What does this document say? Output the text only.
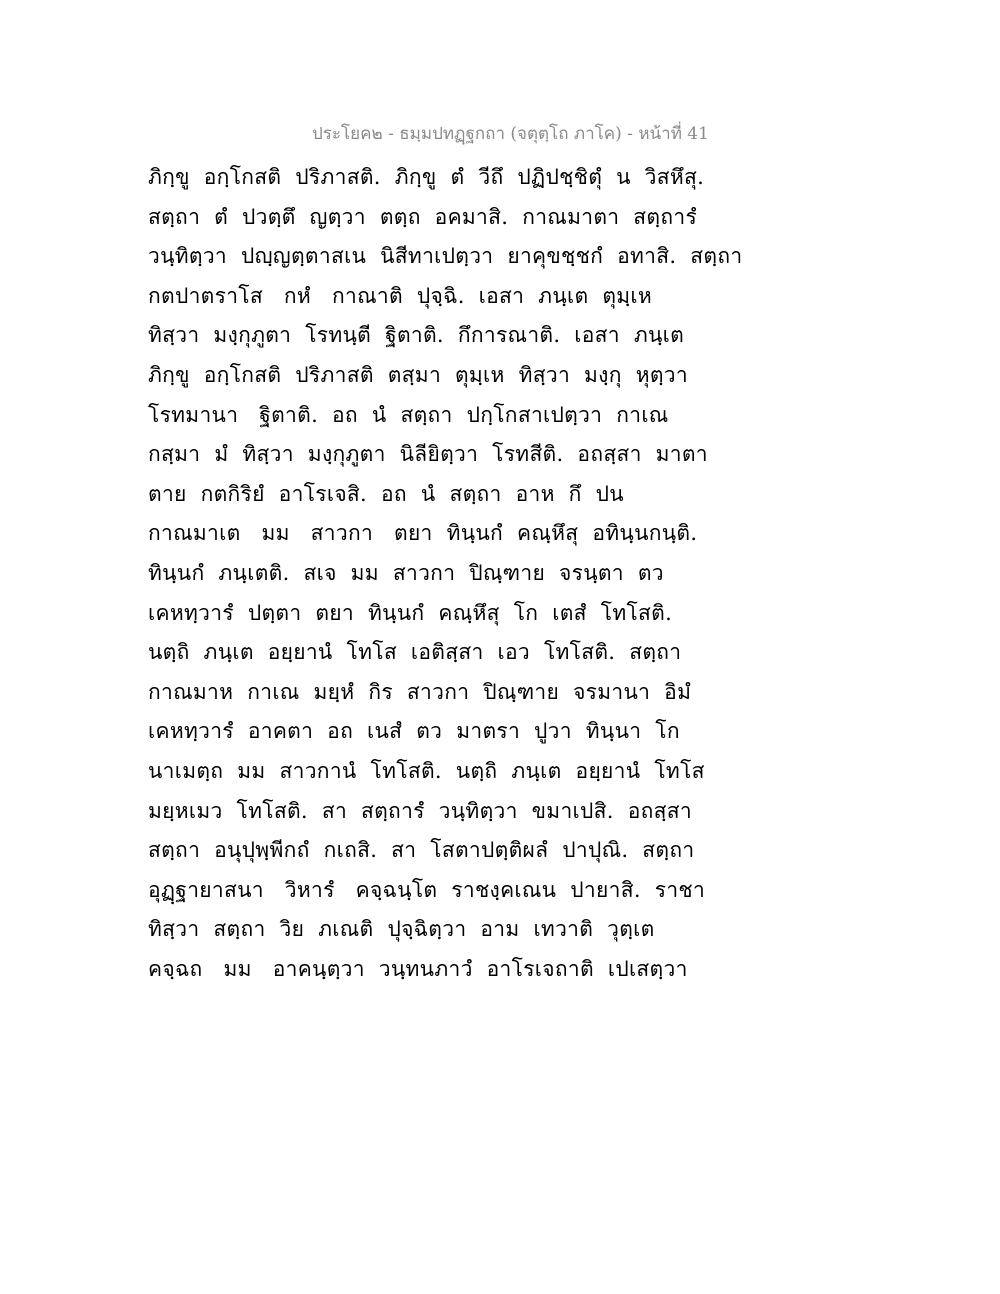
ประโยค๒ - ธมฺมปทฏฺฐกถา (จตุตฺโถ ภาโค) - หน้าที่ 41
ภิกฺขู  อกฺโกสติ  ปริภาสติ.  ภิกฺขู  ตํ  วีถึ  ปฏิปชฺชิตุํ  น  วิสหึสุ.
สตฺถา  ตํ  ปวตฺตึ  ญตฺวา  ตตฺถ  อคมาสิ.  กาณมาตา  สตฺถารํ
วนฺทิตฺวา  ปญฺญตฺตาสเน  นิสีทาเปตฺวา  ยาคุขชฺชกํ  อทาสิ.  สตฺถา
กตปาตราโส   กหํ   กาณาติ  ปุจฺฉิ.  เอสา  ภนฺเต  ตุมฺเห
ทิสฺวา  มงฺกุภูตา  โรทนฺตี  ฐิตาติ.  กึการณาติ.  เอสา  ภนฺเต
ภิกฺขู  อกฺโกสติ  ปริภาสติ  ตสฺมา  ตุมฺเห  ทิสฺวา  มงฺกุ  หุตฺวา
โรทมานา   ฐิตาติ.  อถ  นํ  สตฺถา  ปกฺโกสาเปตฺวา  กาเณ
กสฺมา  มํ  ทิสฺวา  มงฺกุภูตา  นิลียิตฺวา  โรทสีติ.  อถสฺสา  มาตา
ตาย  กตกิริยํ  อาโรเจสิ.  อถ  นํ  สตฺถา  อาห  กึ  ปน
กาณมาเต   มม   สาวกา   ตยา  ทินฺนกํ  คณฺหึสุ  อทินฺนกนฺติ.
ทินฺนกํ  ภนฺเตติ.  สเจ  มม  สาวกา  ปิณฺฑาย  จรนฺตา  ตว
เคหทฺวารํ  ปตฺตา  ตยา  ทินฺนกํ  คณฺหึสุ  โก  เตสํ  โทโสติ.
นตฺถิ  ภนฺเต  อยฺยานํ  โทโส  เอติสฺสา  เอว  โทโสติ.  สตฺถา
กาณมาห  กาเณ  มยฺหํ  กิร  สาวกา  ปิณฺฑาย  จรมานา  อิมํ
เคหทฺวารํ  อาคตา  อถ  เนสํ  ตว  มาตรา  ปูวา  ทินฺนา  โก
นาเมตฺถ  มม  สาวกานํ  โทโสติ.  นตฺถิ  ภนฺเต  อยฺยานํ  โทโส
มยฺหเมว  โทโสติ.  สา  สตฺถารํ  วนฺทิตฺวา  ขมาเปสิ.  อถสฺสา
สตฺถา  อนุปุพฺพีกถํ  กเถสิ.  สา  โสตาปตฺติผลํ  ปาปุณิ.  สตฺถา
อุฏฺฐายาสนา   วิหารํ   คจฺฉนฺโต  ราชงฺคเณน  ปายาสิ.  ราชา
ทิสฺวา  สตฺถา  วิย  ภเณติ  ปุจฺฉิตฺวา  อาม  เทวาติ  วุตฺเต
คจฺฉถ   มม   อาคนฺตฺวา  วนฺทนภาวํ  อาโรเจถาติ  เปเสตฺวา
